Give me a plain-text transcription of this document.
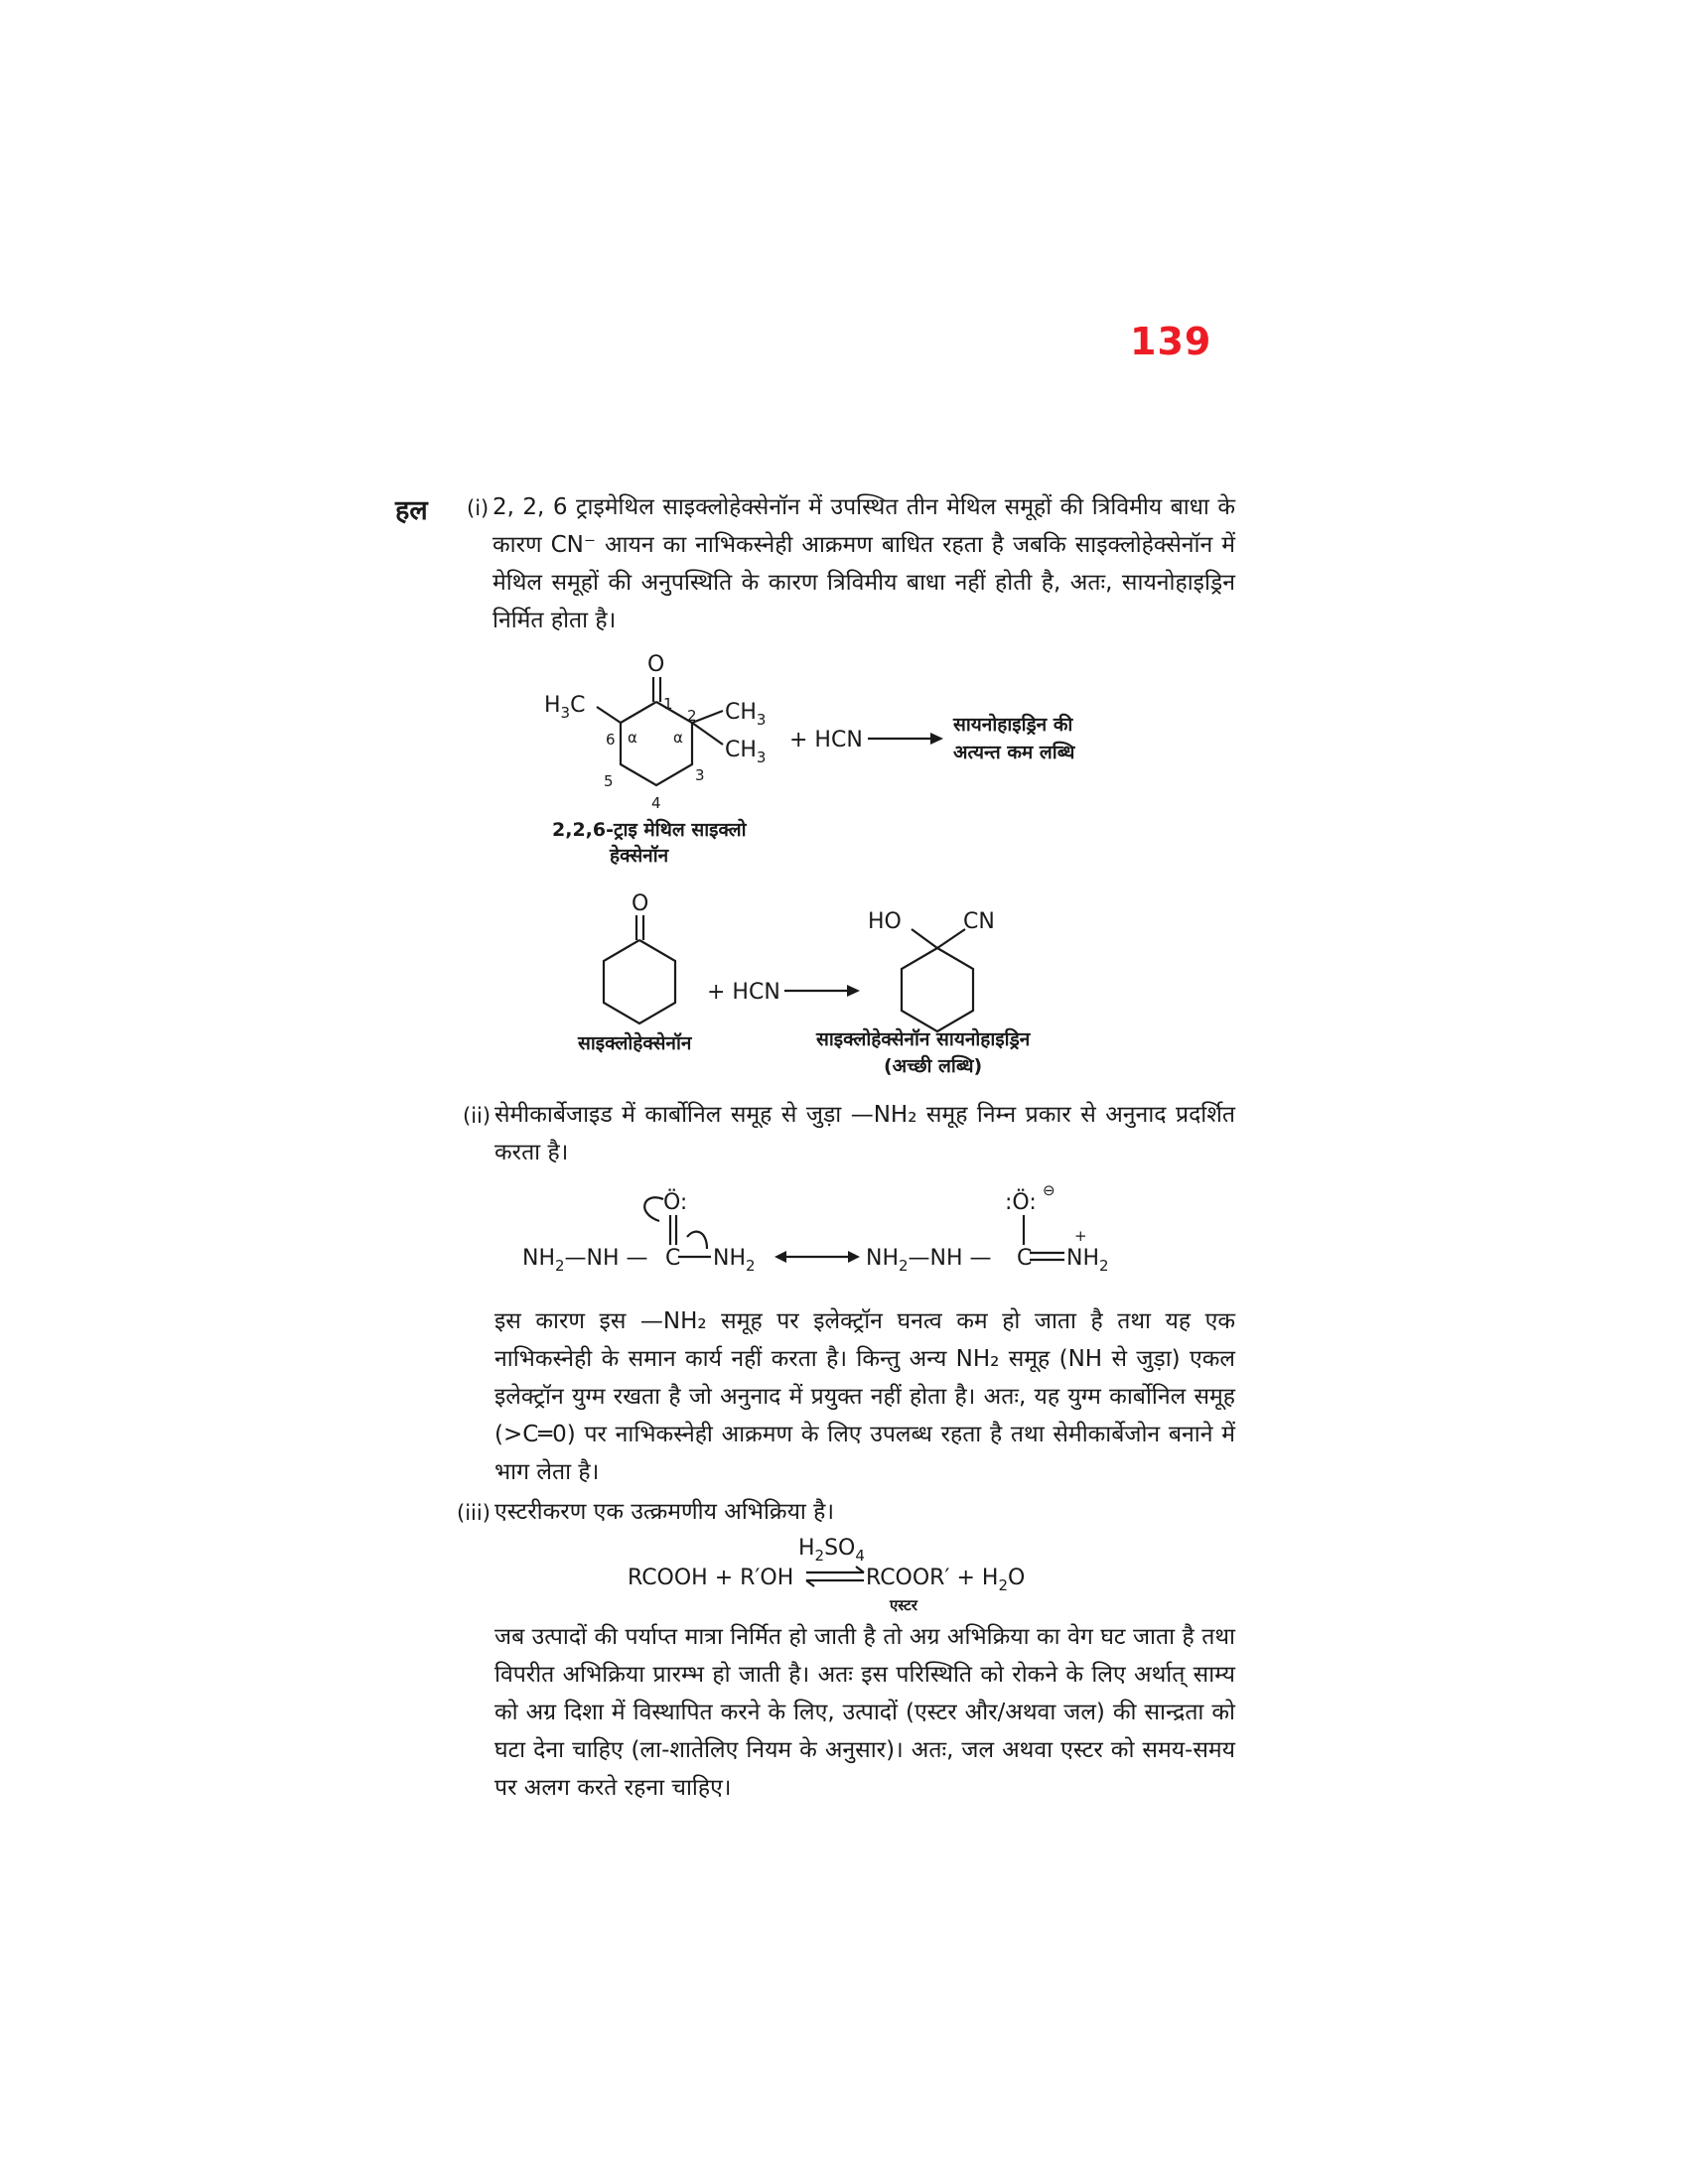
139
हल (i) 2, 2, 6 ट्राइमेथिल साइक्लोहेक्सेनॉन में उपस्थित तीन मेथिल समूहों की त्रिविमीय बाधा के कारण CN⁻ आयन का नाभिकस्नेही आक्रमण बाधित रहता है जबकि साइक्लोहेक्सेनॉन में मेथिल समूहों की अनुपस्थिति के कारण त्रिविमीय बाधा नहीं होती है, अतः, सायनोहाइड्रिन निर्मित होता है।
O
$H_3C$	$CH_3$
$CH_3$
1
2
3
4
5
6 α α	+ HCN
सायनोहाइड्रिन की
अत्यन्त कम लब्धि
2,2,6-ट्राइ मेथिल साइक्लो
हेक्सेनॉन
O
+ HCN
HO	CN
साइक्लोहेक्सेनॉन	साइक्लोहेक्सेनॉन सायनोहाइड्रिन
(अच्छी लब्धि)
(ii) सेमीकार्बेजाइड में कार्बोनिल समूह से जुड़ा —NH₂ समूह निम्न प्रकार से अनुनाद प्रदर्शित करता है।
$NH_2—NH$ — C $NH_2$
Ö:
$NH_2—NH$ — C $NH_2$
+
:Ö: ⊖
इस कारण इस —NH₂ समूह पर इलेक्ट्रॉन घनत्व कम हो जाता है तथा यह एक नाभिकस्नेही के समान कार्य नहीं करता है। किन्तु अन्य NH₂ समूह (NH से जुड़ा) एकल इलेक्ट्रॉन युग्म रखता है जो अनुनाद में प्रयुक्त नहीं होता है। अतः, यह युग्म कार्बोनिल समूह (>C═0) पर नाभिकस्नेही आक्रमण के लिए उपलब्ध रहता है तथा सेमीकार्बेजोन बनाने में भाग लेता है।
(iii) एस्टरीकरण एक उत्क्रमणीय अभिक्रिया है।
RCOOH + R′OH
$H_2SO_4$
RCOOR′ + $H_2O$
एस्टर
जब उत्पादों की पर्याप्त मात्रा निर्मित हो जाती है तो अग्र अभिक्रिया का वेग घट जाता है तथा विपरीत अभिक्रिया प्रारम्भ हो जाती है। अतः इस परिस्थिति को रोकने के लिए अर्थात् साम्य को अग्र दिशा में विस्थापित करने के लिए, उत्पादों (एस्टर और/अथवा जल) की सान्द्रता को घटा देना चाहिए (ला-शातेलिए नियम के अनुसार)। अतः, जल अथवा एस्टर को समय-समय पर अलग करते रहना चाहिए।
